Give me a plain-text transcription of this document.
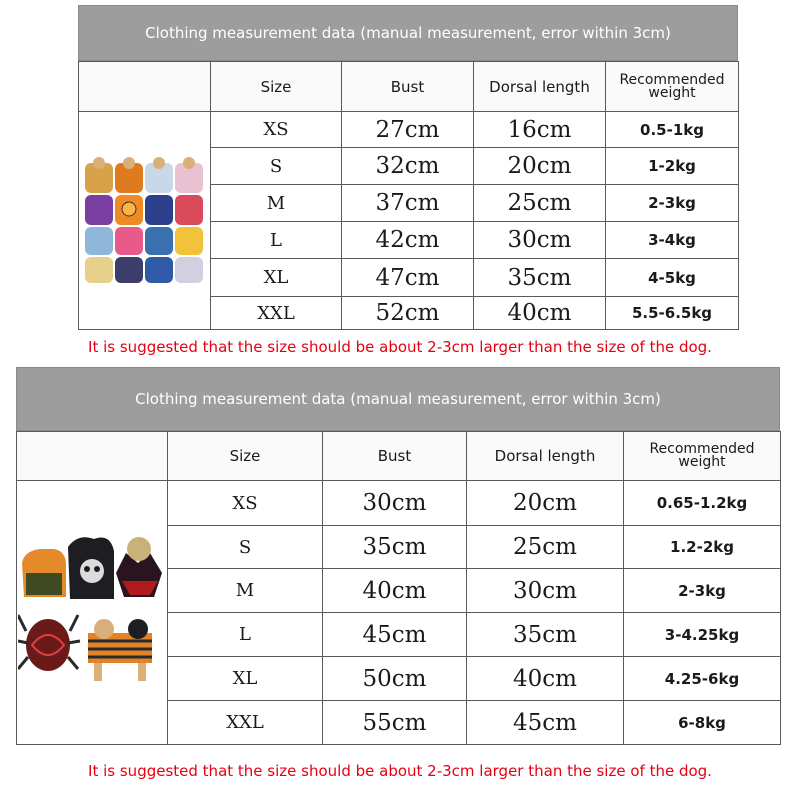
Clothing measurement data (manual measurement, error within 3cm)
	Size	Bust	Dorsal length	Recommended weight

	XS	27cm	16cm	0.5-1kg
	S	32cm	20cm	1-2kg
	M	37cm	25cm	2-3kg
	L	42cm	30cm	3-4kg
	XL	47cm	35cm	4-5kg
	XXL	52cm	40cm	5.5-6.5kg
It is suggested that the size should be about 2-3cm larger than the size of the dog.
Clothing measurement data (manual measurement, error within 3cm)
	Size	Bust	Dorsal length	Recommended weight

	XS	30cm	20cm	0.65-1.2kg
	S	35cm	25cm	1.2-2kg
	M	40cm	30cm	2-3kg
	L	45cm	35cm	3-4.25kg
	XL	50cm	40cm	4.25-6kg
	XXL	55cm	45cm	6-8kg
It is suggested that the size should be about 2-3cm larger than the size of the dog.
